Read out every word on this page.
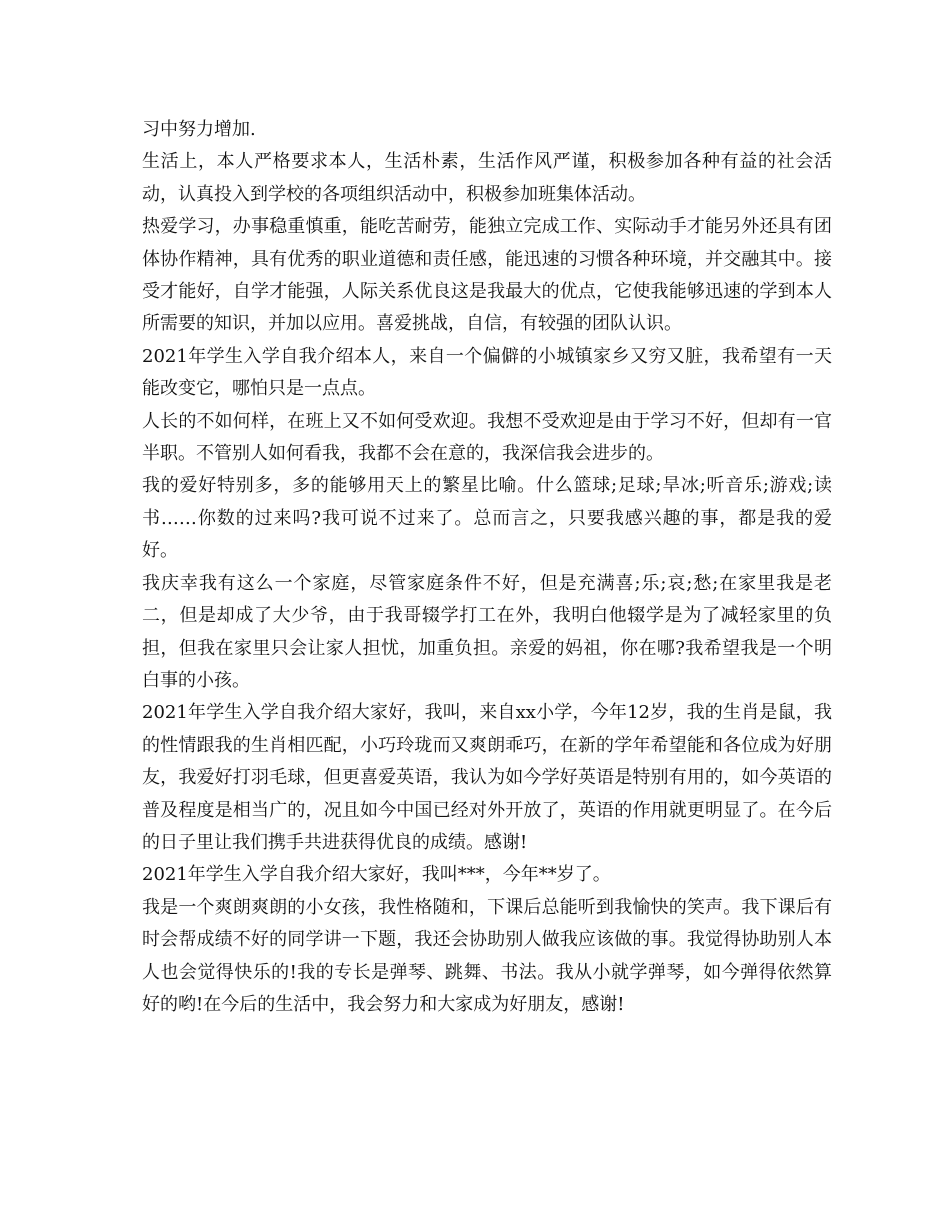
习中努力增加.

生活上，本人严格要求本人，生活朴素，生活作风严谨，积极参加各种有益的社会活动，认真投入到学校的各项组织活动中，积极参加班集体活动。

热爱学习，办事稳重慎重，能吃苦耐劳，能独立完成工作、实际动手才能另外还具有团体协作精神，具有优秀的职业道德和责任感，能迅速的习惯各种环境，并交融其中。接受才能好，自学才能强，人际关系优良这是我最大的优点，它使我能够迅速的学到本人所需要的知识，并加以应用。喜爱挑战，自信，有较强的团队认识。

2021年学生入学自我介绍本人，来自一个偏僻的小城镇家乡又穷又脏，我希望有一天能改变它，哪怕只是一点点。

人长的不如何样，在班上又不如何受欢迎。我想不受欢迎是由于学习不好，但却有一官半职。不管别人如何看我，我都不会在意的，我深信我会进步的。

我的爱好特别多，多的能够用天上的繁星比喻。什么篮球;足球;旱冰;听音乐;游戏;读书……你数的过来吗?我可说不过来了。总而言之，只要我感兴趣的事，都是我的爱好。

我庆幸我有这么一个家庭，尽管家庭条件不好，但是充满喜;乐;哀;愁;在家里我是老二，但是却成了大少爷，由于我哥辍学打工在外，我明白他辍学是为了减轻家里的负担，但我在家里只会让家人担忧，加重负担。亲爱的妈祖，你在哪?我希望我是一个明白事的小孩。

2021年学生入学自我介绍大家好，我叫，来自xx小学，今年12岁，我的生肖是鼠，我的性情跟我的生肖相匹配，小巧玲珑而又爽朗乖巧，在新的学年希望能和各位成为好朋友，我爱好打羽毛球，但更喜爱英语，我认为如今学好英语是特别有用的，如今英语的普及程度是相当广的，况且如今中国已经对外开放了，英语的作用就更明显了。在今后的日子里让我们携手共进获得优良的成绩。感谢!

2021年学生入学自我介绍大家好，我叫***，今年**岁了。

我是一个爽朗爽朗的小女孩，我性格随和，下课后总能听到我愉快的笑声。我下课后有时会帮成绩不好的同学讲一下题，我还会协助别人做我应该做的事。我觉得协助别人本人也会觉得快乐的!我的专长是弹琴、跳舞、书法。我从小就学弹琴，如今弹得依然算好的哟!在今后的生活中，我会努力和大家成为好朋友，感谢!
